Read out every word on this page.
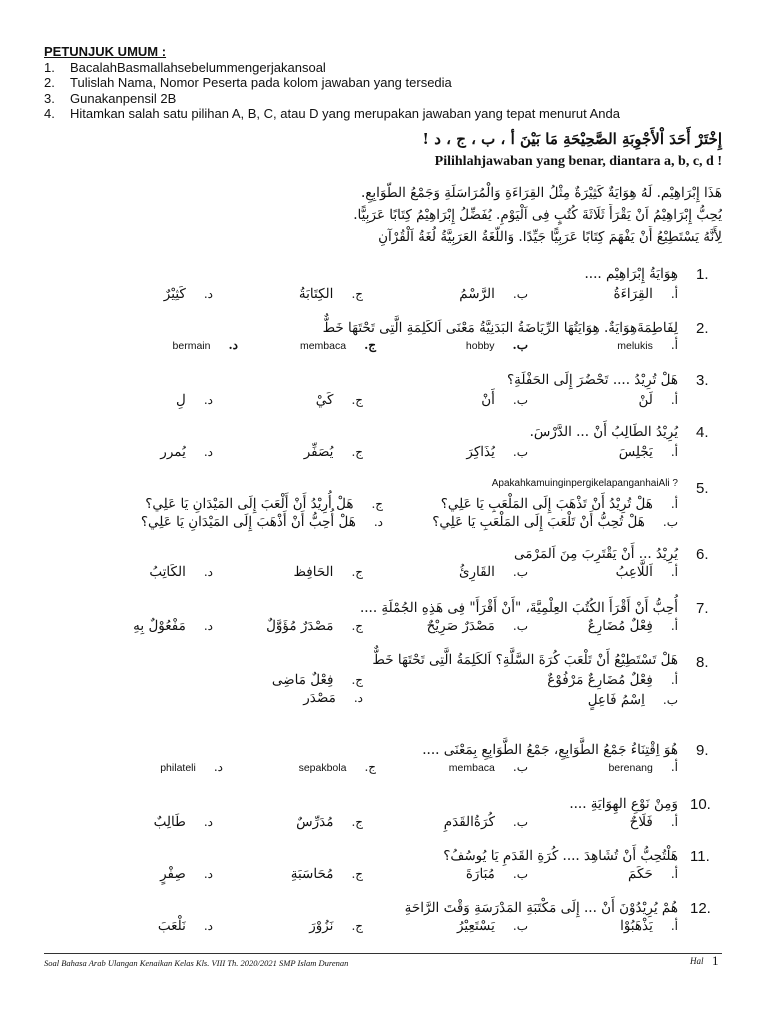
PETUNJUK UMUM :
1.	BacalahBasmallahsebelummengerjakansoal
2.	Tulislah Nama, Nomor Peserta pada kolom jawaban yang tersedia
3.	Gunakanpensil 2B
4.	Hitamkan salah satu pilihan A, B, C, atau D yang merupakan jawaban yang tepat menurut Anda
إِخْتَرْ أَحَدَ اْلأَجْوِبَةِ الصَّحِيْحَةِ مَا بَيْنَ أ ، ب ، ج ، د !
Pilihlahjawaban yang benar, diantara a, b, c, d !
هَذَا إِبْرَاهِيْم. لَهُ هِوَايَةٌ كَثِيْرَةٌ مِثْلُ القِرَاءَةِ وَالْمُرَاسَلَةِ وَجَمْعُ الطَّوَابِعِ.
يُحِبُّ إِبْرَاهِيْمُ اَنْ يَقْرَأَ ثَلَاثَةَ كُتُبٍ فِى اَلْيَوْمِ. يُفَضِّلُ إِبْرَاهِيْمُ كِتَابًا عَرَبِيًّا.
لِأَنَّهُ يَسْتَطِيْعُ أَنْ يَفْهَمَ كِتَابًا عَرَبِيًّا جَيِّدًا. وَاللُّغَةُ العَرَبِيَّةُ لُغَةُ اَلْقُرْآنِ
1.
هِوَايَةُ إِبْرَاهِيْم ....
أ.
القِرَاءَةُ
ب.
الرَّسْمُ
ج.
الكِتَابَةُ
د.
كَثِيْرٌ
2.
لِفَاطِمَةَهِوَايَةٌ. هِوَايَتُهَا الرِّيَاضَةُ البَدَنِيَّةُ مَعْنَى اَلكَلِمَةِ الَّتِى تَحْتَهَا خَطٌّ
أ.
melukis
ب.
hobby
ج.
membaca
د.
bermain
3.
هَلْ تُرِيْدُ .... تَحْضُرَ إِلَى الحَفْلَةِ؟
أ.
لَنْ
ب.
أَنْ
ج.
كَيْ
د.
لِ
4.
يُرِيْدُ الطَالِبُ أَنْ ... الدَّرْسَ.
أ.
يَجْلِسَ
ب.
يُذَاكِرَ
ج.
يُصَفِّر
د.
يُمرر
ApakahkamuinginpergikelapanganhaiAli ? 5.
أ.
هَلْ تُرِيْدُ أَنْ تَذْهَبَ إِلَى المَلْعَبِ يَا عَلِي؟
ب.
هَلْ تُحِبُّ أَنْ تَلْعَبَ إِلَى المَلْعَبِ يَا عَلِي؟
ج.
هَلْ أُرِيْدُ أَنْ أَلْعَبَ إِلَى المَيْدَانِ يَا عَلِي؟
د.
هَلْ أُحِبُّ أَنْ أَذْهَبَ إِلَى المَيْدَانِ يَا عَلِي؟
6.
يُرِيْدُ ... أَنْ يَقْتَرِبَ مِنَ اَلمَرْمَى
أ.
اَللَّاعِبُ
ب.
القَارِئُ
ج.
الحَافِظ
د.
الكَاتِبُ
7.
أُحِبُّ أَنْ أَقْرَأَ الكُتُبَ العِلْمِيَّةَ، "أَنْ أَقْرَأَ" فِى هَذِهِ الجُمْلَةِ ....
أ.
فِعْلٌ مُضَارِعٌ
ب.
مَصْدَرٌ صَرِيْحٌ
ج.
مَصْدَرٌ مُؤَوَّلٌ
د.
مَفْعُوْلٌ بِهِ
8.
هَلْ تَسْتَطِيْعُ أَنْ تَلْعَبَ كُرَةَ السَّلَّةِ؟ اَلكَلِمَةُ الَّتِى تَحْتَهَا خَطٌّ
أ.
فِعْلٌ مُضَارِعٌ مَرْفُوْعٌ
ب.
اِسْمُ فَاعِلٍ
ج.
فِعْلٌ مَاضِى
د.
مَصْدَر
9.
هُوَ اِقْتِنَاءُ جَمْعُ الطَّوَابِعِ، جَمْعُ الطَّوَابِعِ بِمَعْنَى ....
أ.
berenang
ب.
membaca
ج.
sepakbola
د.
philateli
10.
وَمِنْ نَوْعِ الهِوَايَةِ ....
أ.
فَلَاحٌ
ب.
كُرَةُالقَدَمِ
ج.
مُدَرِّسٌ
د.
طَالِبٌ
11.
هَلْتُحِبُّ أَنْ تُشَاهِدَ .... كُرَةِ القَدَمِ يَا يُوسُفُ؟
أ.
حَكَمَ
ب.
مُبَارَةَ
ج.
مُحَاسَبَةِ
د.
صِفْرٍ
12.
هُمْ يُرِيْدُوْنَ أَنْ ... إِلَى مَكْتَبَةِ المَدْرَسَةِ وَقْتَ الرَّاحَةِ
أ.
يَذْهَبُوْا
ب.
يَسْتَعِيْرُ
ج.
نَزُوْرَ
د.
نَلْعَبَ
Soal Bahasa Arab Ulangan Kenaikan Kelas Kls. VIII Th. 2020/2021 SMP Islam Durenan	Hal 1
